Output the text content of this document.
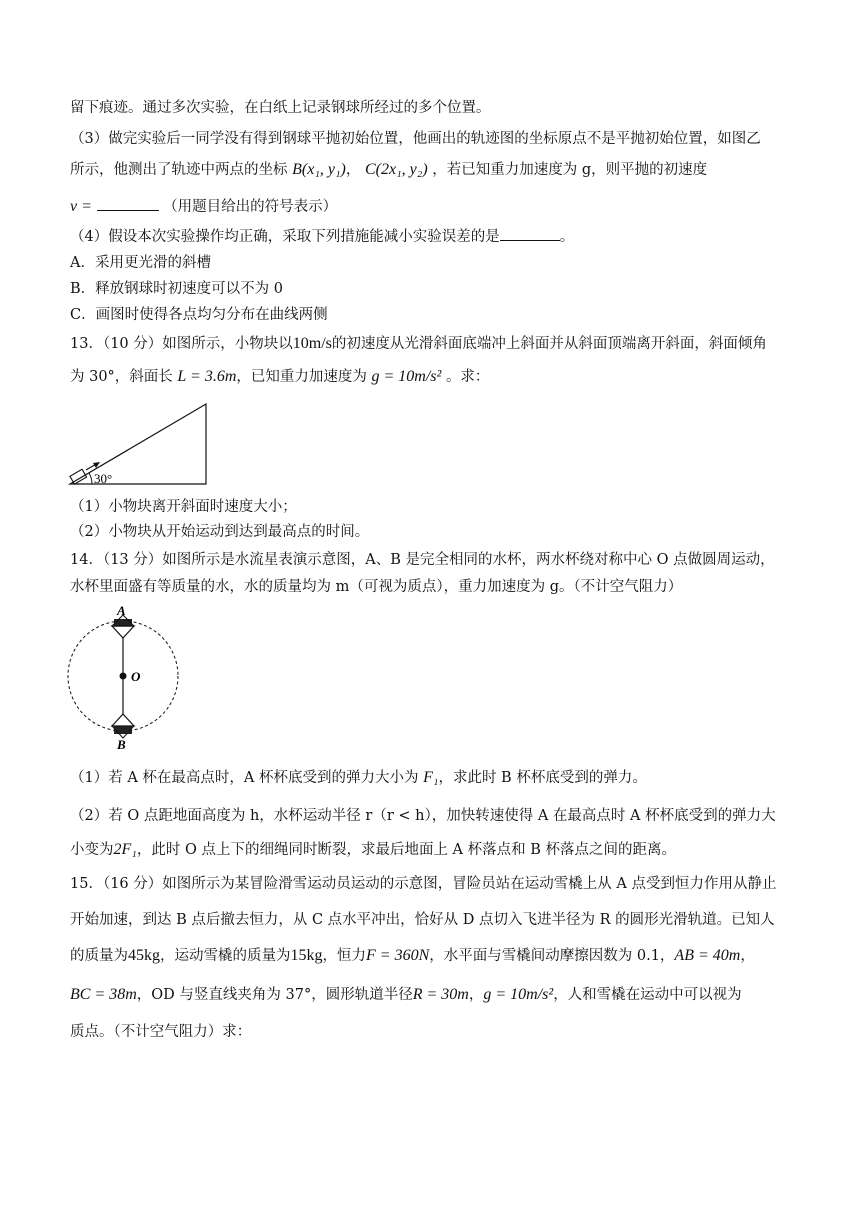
留下痕迹。通过多次实验，在白纸上记录钢球所经过的多个位置。
（3）做完实验后一同学没有得到钢球平抛初始位置，他画出的轨迹图的坐标原点不是平抛初始位置，如图乙
所示，他测出了轨迹中两点的坐标 B(x₁, y₁)， C(2x₁, y₂) ，若已知重力加速度为 g，则平抛的初速度
v =	（用题目给出的符号表示）
（4）假设本次实验操作均正确，采取下列措施能减小实验误差的是	。
A．采用更光滑的斜槽
B．释放钢球时初速度可以不为 0
C．画图时使得各点均匀分布在曲线两侧
13．（10 分）如图所示，小物块以10m/s的初速度从光滑斜面底端冲上斜面并从斜面顶端离开斜面，斜面倾角
为 30°，斜面长 L = 3.6m，已知重力加速度为 g = 10m/s² 。求：
30°
（1）小物块离开斜面时速度大小；
（2）小物块从开始运动到达到最高点的时间。
14．（13 分）如图所示是水流星表演示意图，A、B 是完全相同的水杯，两水杯绕对称中心 O 点做圆周运动，
水杯里面盛有等质量的水，水的质量均为 m（可视为质点），重力加速度为 g。（不计空气阻力）
O
A
B
（1）若 A 杯在最高点时，A 杯杯底受到的弹力大小为 F₁，求此时 B 杯杯底受到的弹力。
（2）若 O 点距地面高度为 h，水杯运动半径 r（r < h），加快转速使得 A 在最高点时 A 杯杯底受到的弹力大
小变为2F₁，此时 O 点上下的细绳同时断裂，求最后地面上 A 杯落点和 B 杯落点之间的距离。
15．（16 分）如图所示为某冒险滑雪运动员运动的示意图，冒险员站在运动雪橇上从 A 点受到恒力作用从静止
开始加速，到达 B 点后撤去恒力，从 C 点水平冲出，恰好从 D 点切入飞进半径为 R 的圆形光滑轨道。已知人
的质量为45kg，运动雪橇的质量为15kg，恒力F = 360N，水平面与雪橇间动摩擦因数为 0.1，AB = 40m，
BC = 38m，OD 与竖直线夹角为 37°，圆形轨道半径R = 30m，g = 10m/s²，人和雪橇在运动中可以视为
质点。（不计空气阻力）求：
